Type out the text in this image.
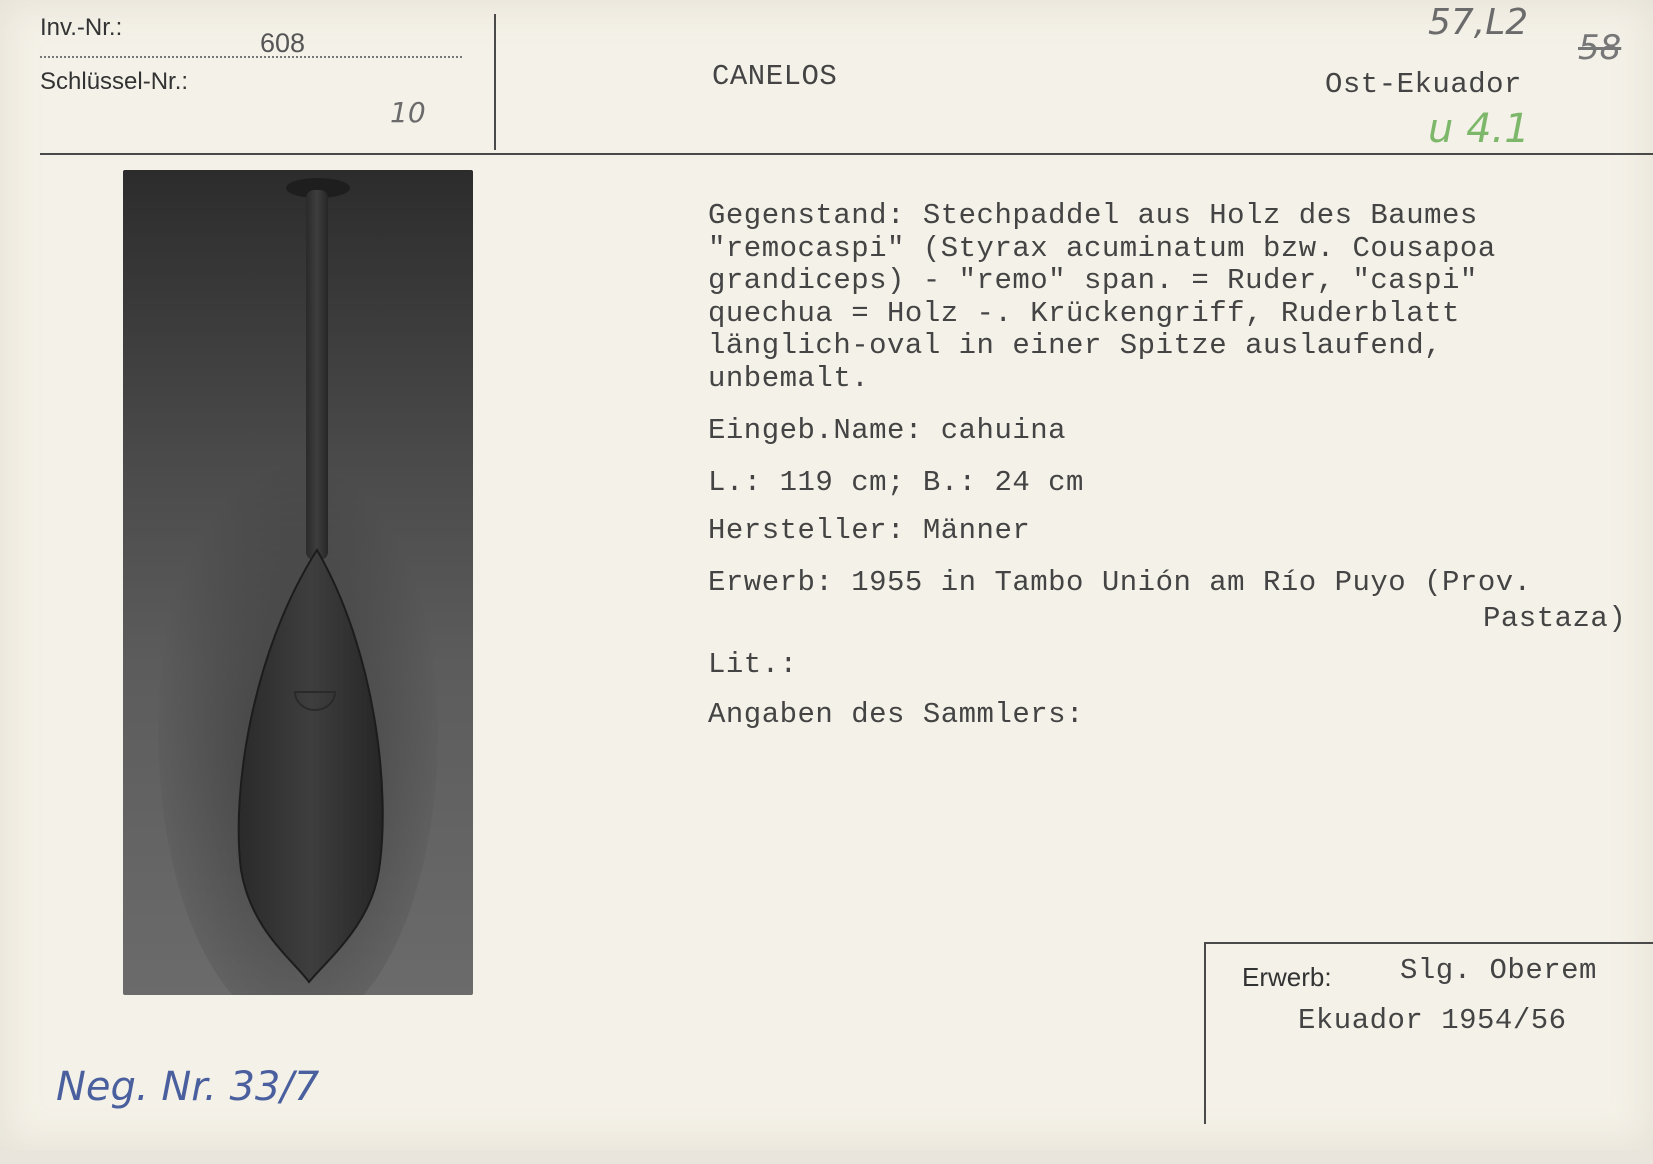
Inv.-Nr.:
608
Schlüssel-Nr.:
10
CANELOS	Ost-Ekuador
57,L2
58
u 4.1

Gegenstand: Stechpaddel aus Holz des Baumes

"remocaspi" (Styrax acuminatum bzw. Cousapoa

grandiceps) - "remo" span. = Ruder, "caspi"

quechua = Holz -. Krückengriff, Ruderblatt

länglich-oval in einer Spitze auslaufend,

unbemalt.

Eingeb.Name: cahuina
L.: 119 cm; B.: 24 cm
Hersteller: Männer
Erwerb: 1955 in Tambo Unión am Río Puyo (Prov.
Pastaza)
Lit.:
Angaben des Sammlers:
Erwerb: Slg. Oberem
Ekuador 1954/56
Neg. Nr. 33/7
